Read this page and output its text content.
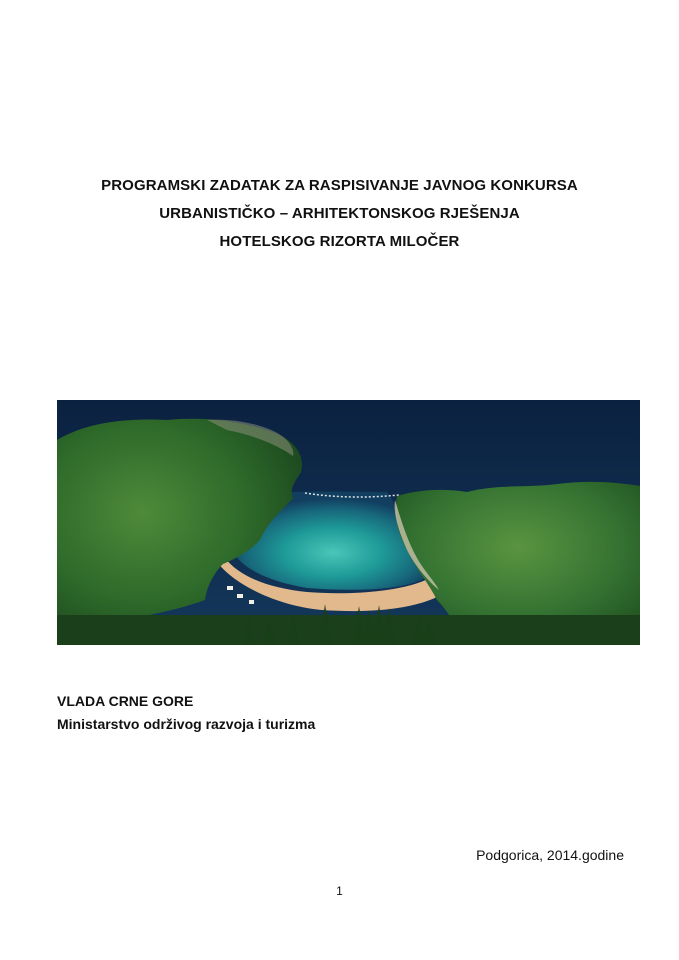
PROGRAMSKI ZADATAK ZA RASPISIVANJE JAVNOG KONKURSA
URBANISTIČKO – ARHITEKTONSKOG RJEŠENJA
HOTELSKOG RIZORTA MILOČER
VLADA CRNE GORE
Ministarstvo održivog razvoja i turizma
Podgorica, 2014.godine
1
